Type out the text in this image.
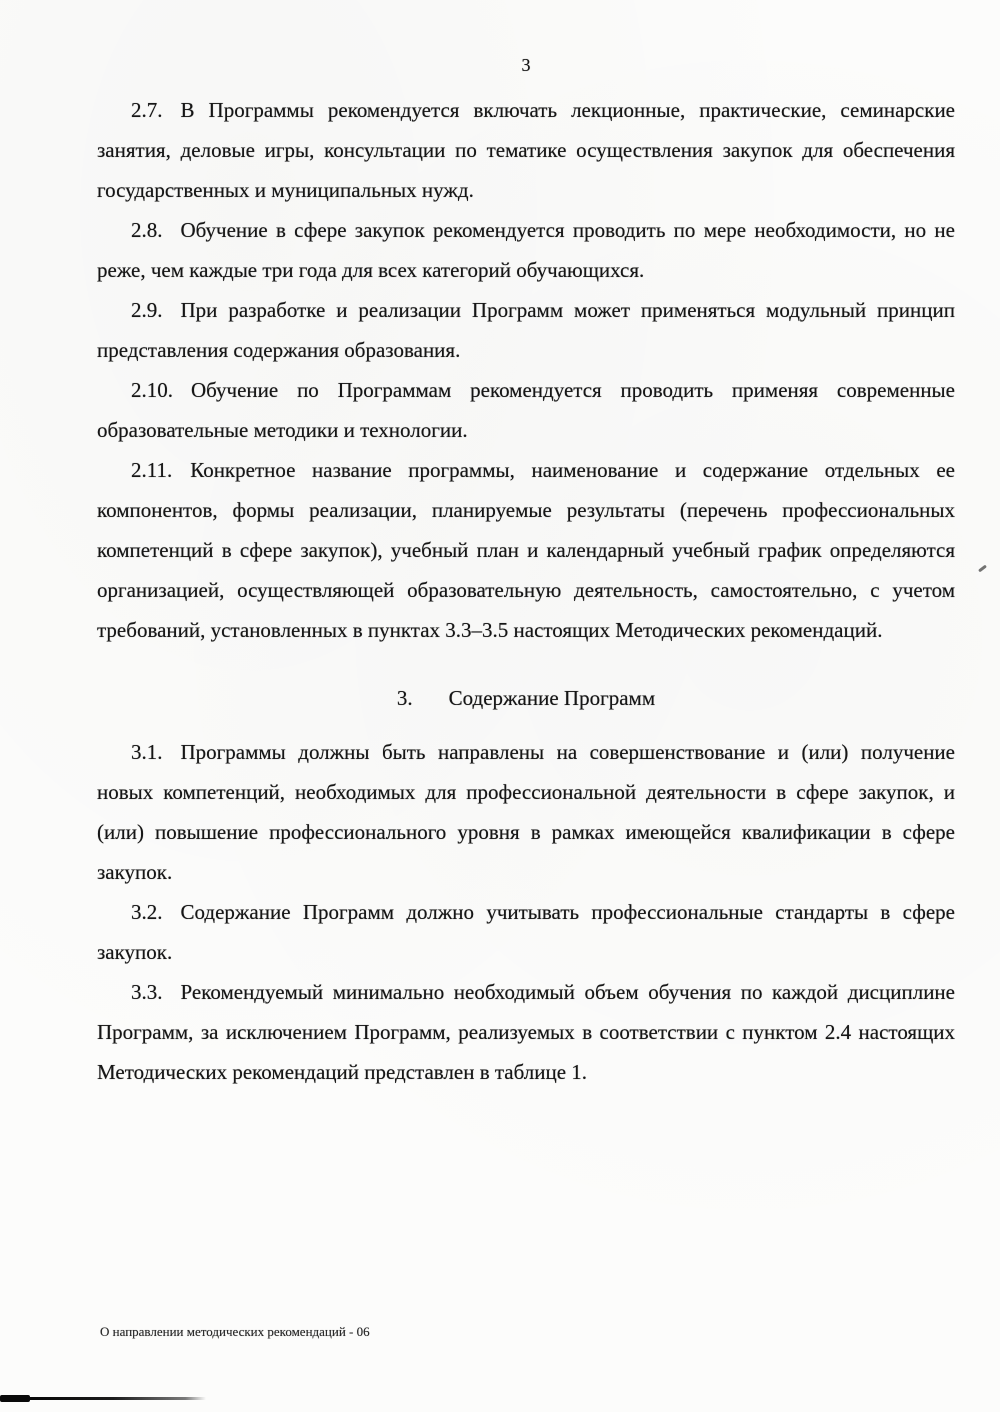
3

2.7. В Программы рекомендуется включать лекционные, практические, семинарские занятия, деловые игры, консультации по тематике осуществления закупок для обеспечения государственных и муниципальных нужд.

2.8. Обучение в сфере закупок рекомендуется проводить по мере необходимости, но не реже, чем каждые три года для всех категорий обучающихся.

2.9. При разработке и реализации Программ может применяться модульный принцип представления содержания образования.

2.10. Обучение по Программам рекомендуется проводить применяя современные образовательные методики и технологии.

2.11. Конкретное название программы, наименование и содержание отдельных ее компонентов, формы реализации, планируемые результаты (перечень профессиональных компетенций в сфере закупок), учебный план и календарный учебный график определяются организацией, осуществляющей образовательную деятельность, самостоятельно, с учетом требований, установленных в пунктах 3.3–3.5 настоящих Методических рекомендаций.

3. Содержание Программ

3.1. Программы должны быть направлены на совершенствование и (или) получение новых компетенций, необходимых для профессиональной деятельности в сфере закупок, и (или) повышение профессионального уровня в рамках имеющейся квалификации в сфере закупок.

3.2. Содержание Программ должно учитывать профессиональные стандарты в сфере закупок.

3.3. Рекомендуемый минимально необходимый объем обучения по каждой дисциплине Программ, за исключением Программ, реализуемых в соответствии с пунктом 2.4 настоящих Методических рекомендаций представлен в таблице 1.

О направлении методических рекомендаций - 06
